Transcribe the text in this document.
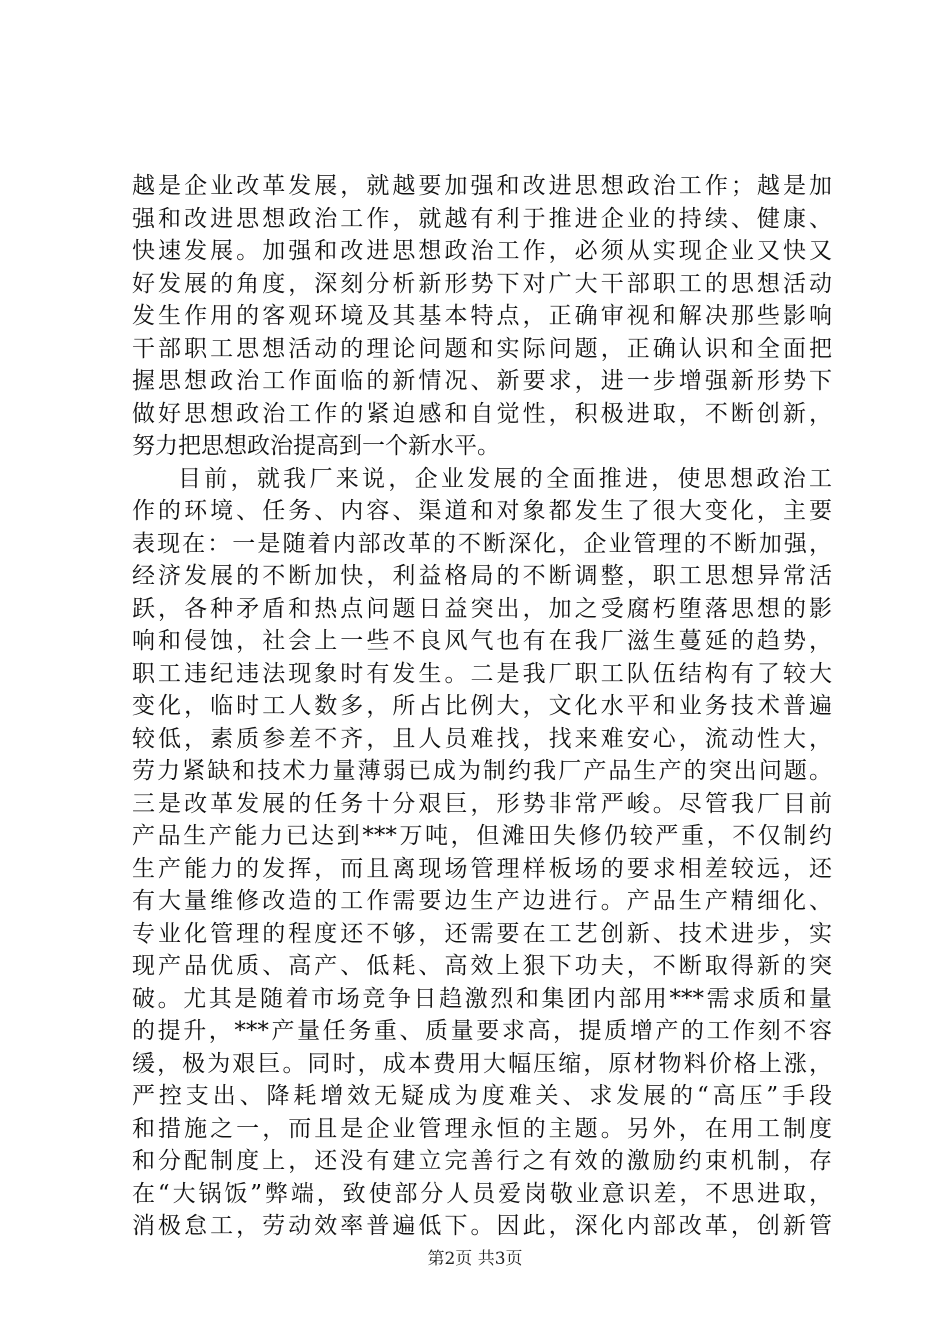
越是企业改革发展，就越要加强和改进思想政治工作；越是加
强和改进思想政治工作，就越有利于推进企业的持续、健康、
快速发展。加强和改进思想政治工作，必须从实现企业又快又
好发展的角度，深刻分析新形势下对广大干部职工的思想活动
发生作用的客观环境及其基本特点，正确审视和解决那些影响
干部职工思想活动的理论问题和实际问题，正确认识和全面把
握思想政治工作面临的新情况、新要求，进一步增强新形势下
做好思想政治工作的紧迫感和自觉性，积极进取，不断创新，
努力把思想政治提高到一个新水平。
目前，就我厂来说，企业发展的全面推进，使思想政治工
作的环境、任务、内容、渠道和对象都发生了很大变化，主要
表现在：一是随着内部改革的不断深化，企业管理的不断加强，
经济发展的不断加快，利益格局的不断调整，职工思想异常活
跃，各种矛盾和热点问题日益突出，加之受腐朽堕落思想的影
响和侵蚀，社会上一些不良风气也有在我厂滋生蔓延的趋势，
职工违纪违法现象时有发生。二是我厂职工队伍结构有了较大
变化，临时工人数多，所占比例大，文化水平和业务技术普遍
较低，素质参差不齐，且人员难找，找来难安心，流动性大，
劳力紧缺和技术力量薄弱已成为制约我厂产品生产的突出问题。
三是改革发展的任务十分艰巨，形势非常严峻。尽管我厂目前
产品生产能力已达到***万吨，但滩田失修仍较严重，不仅制约
生产能力的发挥，而且离现场管理样板场的要求相差较远，还
有大量维修改造的工作需要边生产边进行。产品生产精细化、
专业化管理的程度还不够，还需要在工艺创新、技术进步，实
现产品优质、高产、低耗、高效上狠下功夫，不断取得新的突
破。尤其是随着市场竞争日趋激烈和集团内部用***需求质和量
的提升，***产量任务重、质量要求高，提质增产的工作刻不容
缓，极为艰巨。同时，成本费用大幅压缩，原材物料价格上涨，
严控支出、降耗增效无疑成为度难关、求发展的“高压”手段
和措施之一，而且是企业管理永恒的主题。另外，在用工制度
和分配制度上，还没有建立完善行之有效的激励约束机制，存
在“大锅饭”弊端，致使部分人员爱岗敬业意识差，不思进取，
消极怠工，劳动效率普遍低下。因此，深化内部改革，创新管
第2页 共3页
